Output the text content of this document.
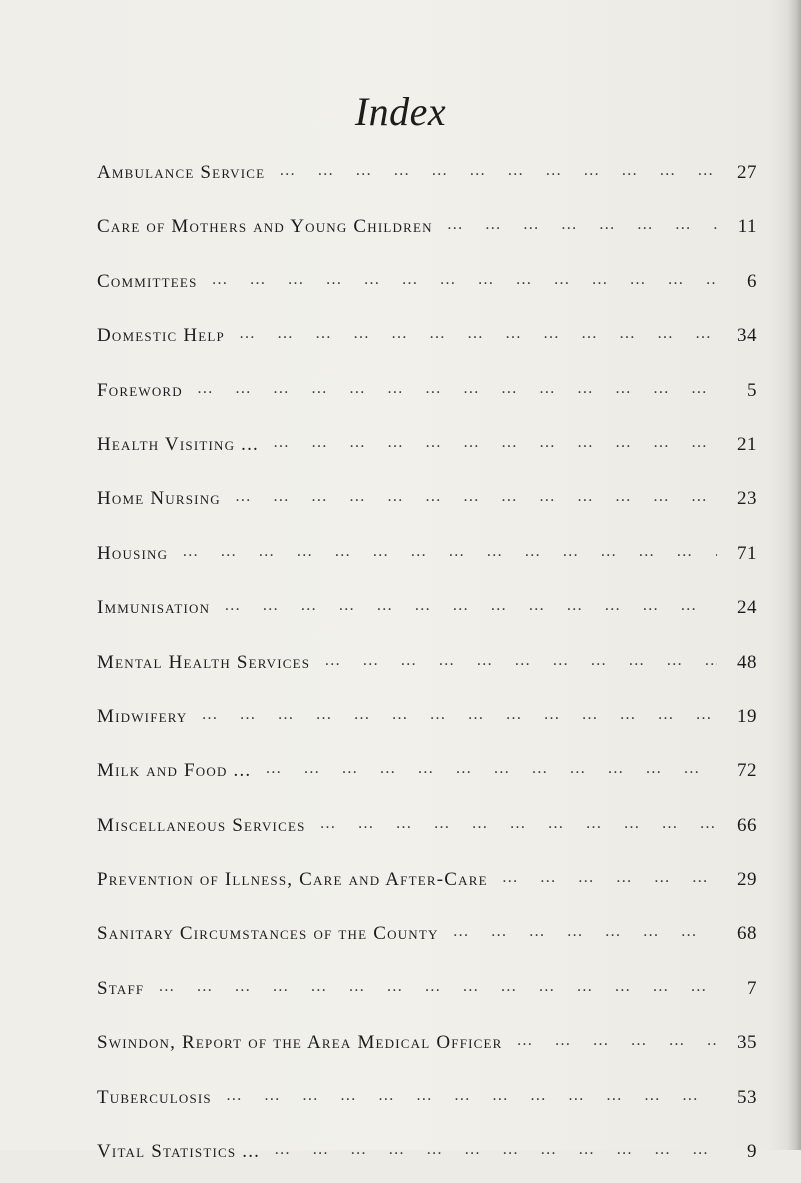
Index
Ambulance Service … … … … … … … … … … … … … … … … … … … … … … … …	27
Care of Mothers and Young Children … … … … … … … … … … … … … … … … … … … … … … … …	11
Committees … … … … … … … … … … … … … … … … … … … … … … … …	6
Domestic Help … … … … … … … … … … … … … … … … … … … … … … … …	34
Foreword … … … … … … … … … … … … … … … … … … … … … … … …	5
Health Visiting ... … … … … … … … … … … … … … … … … … … … … … … … …	21
Home Nursing … … … … … … … … … … … … … … … … … … … … … … … …	23
Housing … … … … … … … … … … … … … … … … … … … … … … … …	71
Immunisation … … … … … … … … … … … … … … … … … … … … … … … …	24
Mental Health Services … … … … … … … … … … … … … … … … … … … … … … … …	48
Midwifery … … … … … … … … … … … … … … … … … … … … … … … …	19
Milk and Food ... … … … … … … … … … … … … … … … … … … … … … … … …	72
Miscellaneous Services … … … … … … … … … … … … … … … … … … … … … … … …	66
Prevention of Illness, Care and After-Care … … … … … … … … … … … … … … … … … … … … … … … …	29
Sanitary Circumstances of the County … … … … … … … … … … … … … … … … … … … … … … … …	68
Staff … … … … … … … … … … … … … … … … … … … … … … … …	7
Swindon, Report of the Area Medical Officer … … … … … … … … … … … … … … … … … … … … … … … …	35
Tuberculosis … … … … … … … … … … … … … … … … … … … … … … … …	53
Vital Statistics ... … … … … … … … … … … … … … … … … … … … … … … … …	9
